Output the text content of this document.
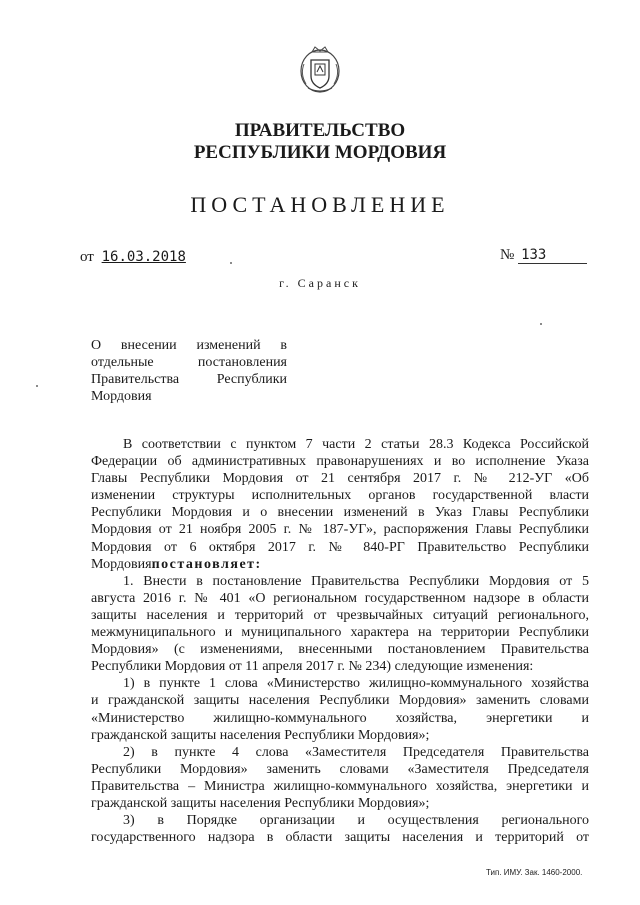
ПРАВИТЕЛЬСТВО
РЕСПУБЛИКИ МОРДОВИЯ
ПОСТАНОВЛЕНИЕ
от 16.03.2018	№ 133
г. Саранск
О внесении изменений в
отдельные постановления
Правительства Республики
Мордовия
В соответствии с пунктом 7 части 2 статьи 28.3 Кодекса Российской
Федерации об административных правонарушениях и во исполнение Указа
Главы Республики Мордовия от 21 сентября 2017 г. № 212-УГ «Об
изменении структуры исполнительных органов государственной власти
Республики Мордовия и о внесении изменений в Указ Главы Республики
Мордовия от 21 ноября 2005 г. № 187-УГ», распоряжения Главы Республики
Мордовия от 6 октября 2017 г. № 840-РГ Правительство Республики
Мордовияпостановляет:
1. Внести в постановление Правительства Республики Мордовия от 5
августа 2016 г. № 401 «О региональном государственном надзоре в области
защиты населения и территорий от чрезвычайных ситуаций регионального,
межмуниципального и муниципального характера на территории Республики
Мордовия» (с изменениями, внесенными постановлением Правительства
Республики Мордовия от 11 апреля 2017 г. № 234) следующие изменения:
1) в пункте 1 слова «Министерство жилищно-коммунального хозяйства
и гражданской защиты населения Республики Мордовия» заменить словами
«Министерство жилищно-коммунального хозяйства, энергетики и
гражданской защиты населения Республики Мордовия»;
2) в пункте 4 слова «Заместителя Председателя Правительства
Республики Мордовия» заменить словами «Заместителя Председателя
Правительства – Министра жилищно-коммунального хозяйства, энергетики и
гражданской защиты населения Республики Мордовия»;
3) в Порядке организации и осуществления регионального
государственного надзора в области защиты населения и территорий от
Тип. ИМУ. Зак. 1460-2000.
